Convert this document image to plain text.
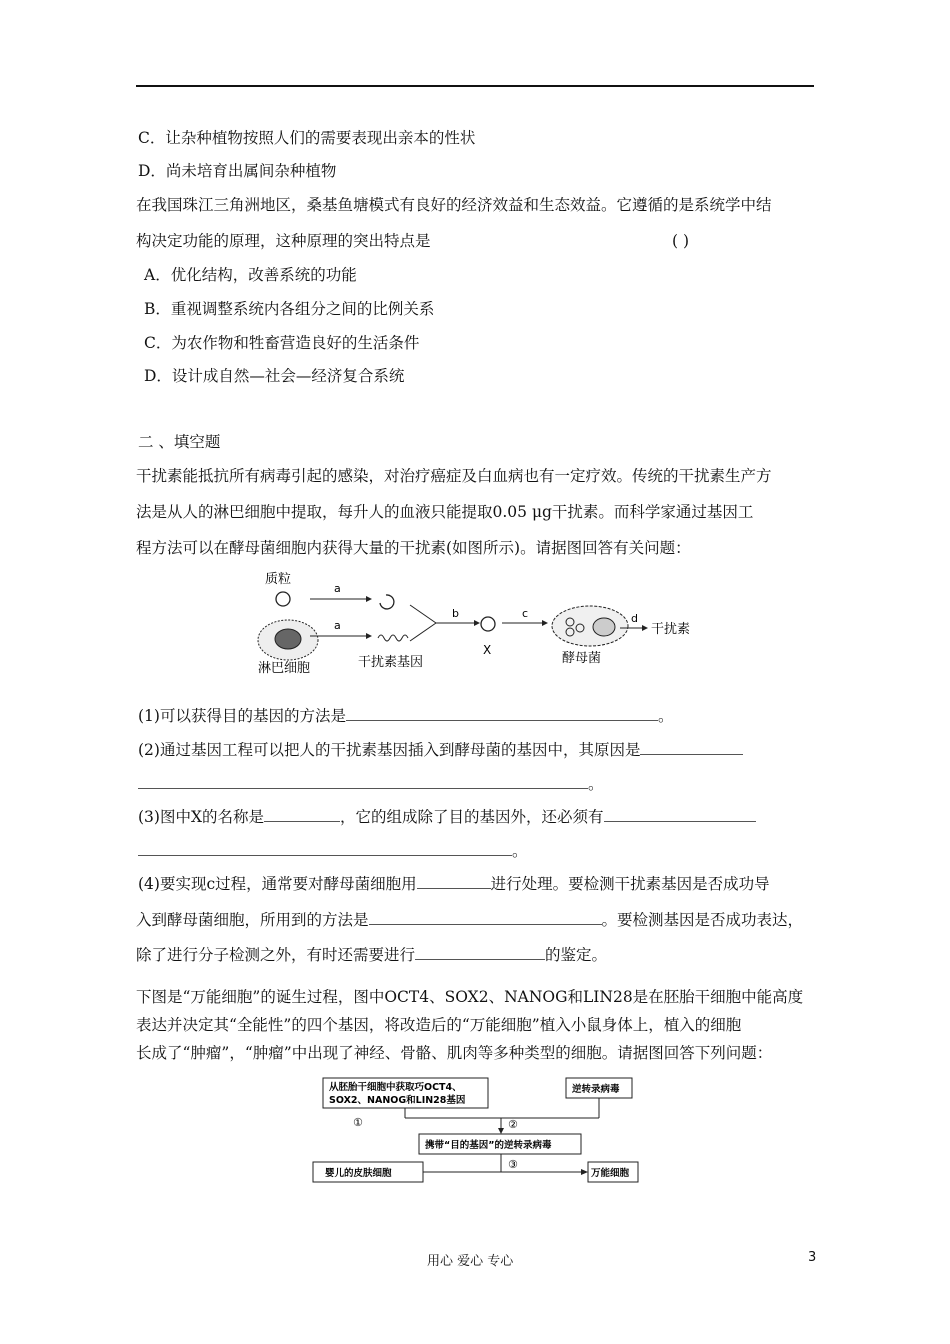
C．让杂种植物按照人们的需要表现出亲本的性状
D．尚未培育出属间杂种植物
在我国珠江三角洲地区，桑基鱼塘模式有良好的经济效益和生态效益。它遵循的是系统学中结
构决定功能的原理，这种原理的突出特点是	( )
A．优化结构，改善系统的功能
B．重视调整系统内各组分之间的比例关系
C．为农作物和牲畜营造良好的生活条件
D．设计成自然—社会—经济复合系统
二 、填空题
干扰素能抵抗所有病毒引起的感染，对治疗癌症及白血病也有一定疗效。传统的干扰素生产方
法是从人的淋巴细胞中提取，每升人的血液只能提取0.05 μg干扰素。而科学家通过基因工
程方法可以在酵母菌细胞内获得大量的干扰素(如图所示)。请据图回答有关问题：
质粒
a
淋巴细胞
a
干扰素基因
b
X
c
酵母菌
d
干扰素
(1)可以获得目的基因的方法是	。
(2)通过基因工程可以把人的干扰素基因插入到酵母菌的基因中，其原因是
。
(3)图中X的名称是	，它的组成除了目的基因外，还必须有
。
(4)要实现c过程，通常要对酵母菌细胞用	进行处理。要检测干扰素基因是否成功导
入到酵母菌细胞，所用到的方法是	。要检测基因是否成功表达，
除了进行分子检测之外，有时还需要进行	的鉴定。
下图是“万能细胞”的诞生过程，图中OCT4、SOX2、NANOG和LIN28是在胚胎干细胞中能高度
表达并决定其“全能性”的四个基因，将改造后的“万能细胞”植入小鼠身体上，植入的细胞
长成了“肿瘤”，“肿瘤”中出现了神经、骨骼、肌肉等多种类型的细胞。请据图回答下列问题：
从胚胎干细胞中获取巧OCT4、
SOX2、NANOG和LIN28基因
逆转录病毒
①	②
携带“目的基因”的逆转录病毒
③
婴儿的皮肤细胞	万能细胞
用心 爱心 专心	3
